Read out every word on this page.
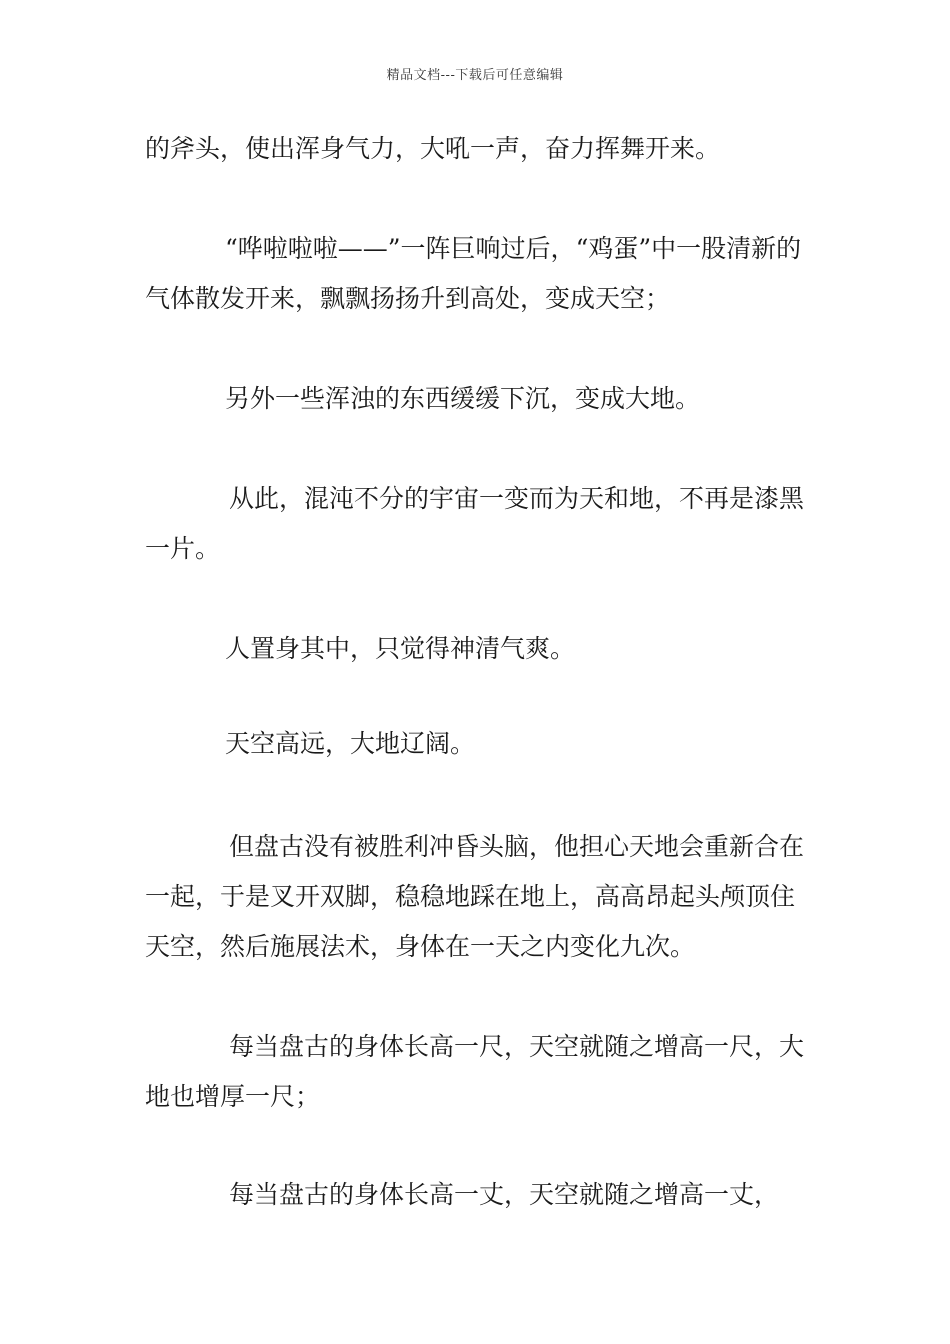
精品文档---下载后可任意编辑

的斧头，使出浑身气力，大吼一声，奋力挥舞开来。

“哗啦啦啦——”一阵巨响过后，“鸡蛋”中一股清新的气体散发开来，飘飘扬扬升到高处，变成天空；

另外一些浑浊的东西缓缓下沉，变成大地。

从此，混沌不分的宇宙一变而为天和地，不再是漆黑一片。

人置身其中，只觉得神清气爽。

天空高远，大地辽阔。

但盘古没有被胜利冲昏头脑，他担心天地会重新合在一起，于是叉开双脚，稳稳地踩在地上，高高昂起头颅顶住天空，然后施展法术，身体在一天之内变化九次。

每当盘古的身体长高一尺，天空就随之增高一尺，大地也增厚一尺；

每当盘古的身体长高一丈，天空就随之增高一丈，
